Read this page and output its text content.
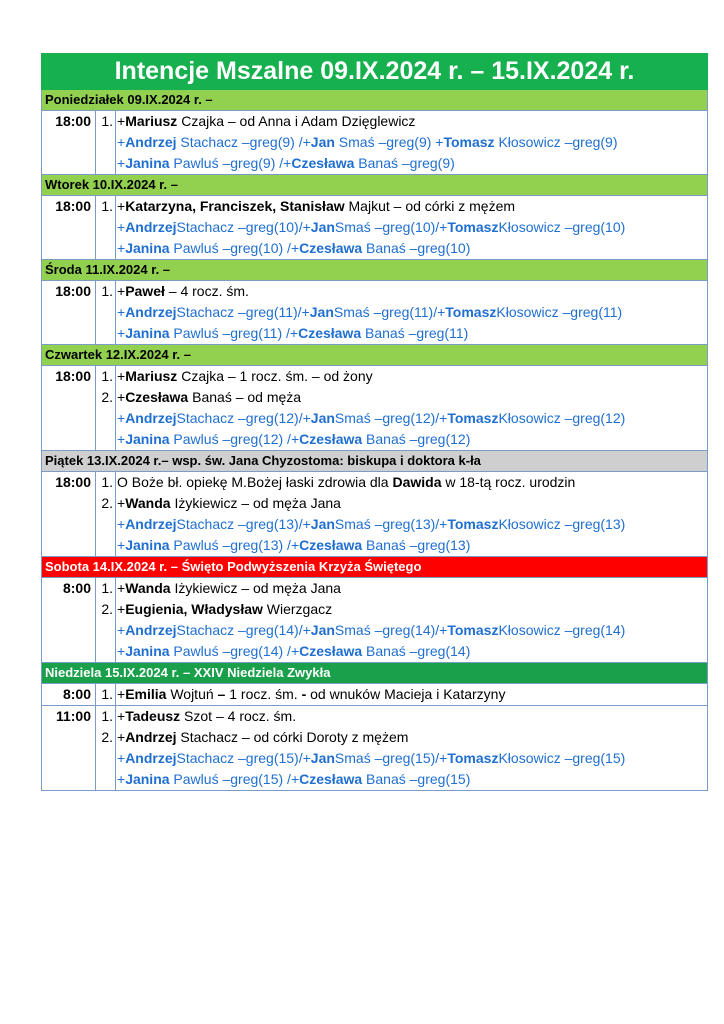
Intencje Mszalne 09.IX.2024 r. – 15.IX.2024 r.
Poniedziałek 09.IX.2024 r. –
18:00 1. +Mariusz Czajka – od Anna i Adam Dzięglewicz
+Andrzej Stachacz –greg(9) /+Jan Smaś –greg(9) +Tomasz Kłosowicz –greg(9)
+Janina Pawluś –greg(9) /+Czesława Banaś –greg(9)
Wtorek 10.IX.2024 r. –
18:00 1. +Katarzyna, Franciszek, Stanisław Majkut – od córki z mężem
+AndrzejStachacz –greg(10)/+JanSmaś –greg(10)/+TomaszKłosowicz –greg(10)
+Janina Pawluś –greg(10) /+Czesława Banaś –greg(10)
Środa 11.IX.2024 r. –
18:00 1. +Paweł – 4 rocz. śm.
+AndrzejStachacz –greg(11)/+JanSmaś –greg(11)/+TomaszKłosowicz –greg(11)
+Janina Pawluś –greg(11) /+Czesława Banaś –greg(11)
Czwartek 12.IX.2024 r. –
18:00 1.
2.
+Mariusz Czajka – 1 rocz. śm. – od żony
+Czesława Banaś – od męża
+AndrzejStachacz –greg(12)/+JanSmaś –greg(12)/+TomaszKłosowicz –greg(12)
+Janina Pawluś –greg(12) /+Czesława Banaś –greg(12)
Piątek 13.IX.2024 r.– wsp. św. Jana Chyzostoma: biskupa i doktora k-ła
18:00 1.
2.
O Boże bł. opiekę M.Bożej łaski zdrowia dla Dawida w 18-tą rocz. urodzin
+Wanda Iżykiewicz – od męża Jana
+AndrzejStachacz –greg(13)/+JanSmaś –greg(13)/+TomaszKłosowicz –greg(13)
+Janina Pawluś –greg(13) /+Czesława Banaś –greg(13)
Sobota 14.IX.2024 r. – Święto Podwyższenia Krzyża Świętego
8:00 1.
2.
+Wanda Iżykiewicz – od męża Jana
+Eugienia, Władysław Wierzgacz
+AndrzejStachacz –greg(14)/+JanSmaś –greg(14)/+TomaszKłosowicz –greg(14)
+Janina Pawluś –greg(14) /+Czesława Banaś –greg(14)
Niedziela 15.IX.2024 r. – XXIV Niedziela Zwykła
8:00 1. +Emilia Wojtuń – 1 rocz. śm. - od wnuków Macieja i Katarzyny
11:00 1.
2.
+Tadeusz Szot – 4 rocz. śm.
+Andrzej Stachacz – od córki Doroty z mężem
+AndrzejStachacz –greg(15)/+JanSmaś –greg(15)/+TomaszKłosowicz –greg(15)
+Janina Pawluś –greg(15) /+Czesława Banaś –greg(15)
